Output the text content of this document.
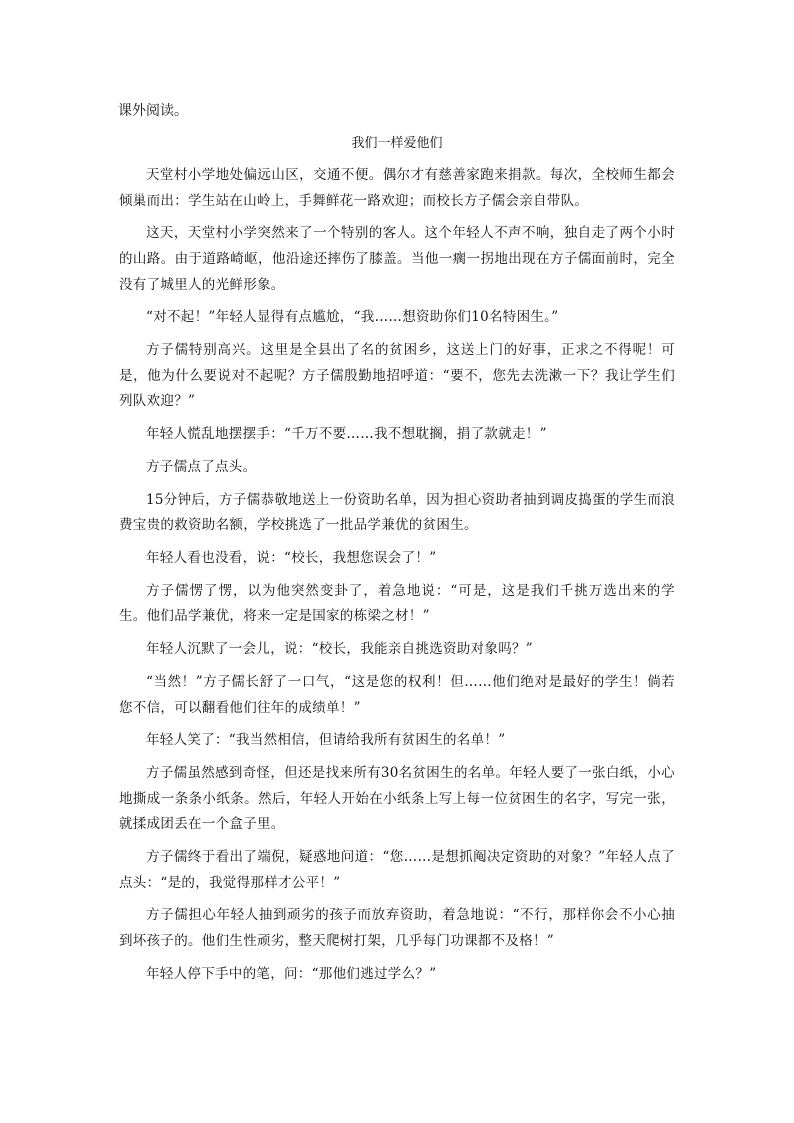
课外阅读。
我们一样爱他们

天堂村小学地处偏远山区，交通不便。偶尔才有慈善家跑来捐款。每次，全校师生都会倾巢而出：学生站在山岭上，手舞鲜花一路欢迎；而校长方子儒会亲自带队。

这天，天堂村小学突然来了一个特别的客人。这个年轻人不声不响，独自走了两个小时的山路。由于道路崎岖，他沿途还摔伤了膝盖。当他一瘸一拐地出现在方子儒面前时，完全没有了城里人的光鲜形象。

“对不起！”年轻人显得有点尴尬，“我……想资助你们10名特困生。”

方子儒特别高兴。这里是全县出了名的贫困乡，这送上门的好事，正求之不得呢！可是，他为什么要说对不起呢？方子儒殷勤地招呼道：“要不，您先去洗漱一下？我让学生们列队欢迎？”

年轻人慌乱地摆摆手：“千万不要……我不想耽搁，捐了款就走！”

方子儒点了点头。

15分钟后，方子儒恭敬地送上一份资助名单，因为担心资助者抽到调皮捣蛋的学生而浪费宝贵的救资助名额，学校挑选了一批品学兼优的贫困生。

年轻人看也没看，说：“校长，我想您误会了！”

方子儒愣了愣，以为他突然变卦了，着急地说：“可是，这是我们千挑万选出来的学生。他们品学兼优，将来一定是国家的栋梁之材！”

年轻人沉默了一会儿，说：“校长，我能亲自挑选资助对象吗？”

“当然！”方子儒长舒了一口气，“这是您的权利！但……他们绝对是最好的学生！倘若您不信，可以翻看他们往年的成绩单！”

年轻人笑了：“我当然相信，但请给我所有贫困生的名单！”

方子儒虽然感到奇怪，但还是找来所有30名贫困生的名单。年轻人要了一张白纸，小心地撕成一条条小纸条。然后，年轻人开始在小纸条上写上每一位贫困生的名字，写完一张，就揉成团丢在一个盒子里。

方子儒终于看出了端倪，疑惑地问道：“您……是想抓阄决定资助的对象？”年轻人点了点头：“是的，我觉得那样才公平！”

方子儒担心年轻人抽到顽劣的孩子而放弃资助，着急地说：“不行，那样你会不小心抽到坏孩子的。他们生性顽劣，整天爬树打架，几乎每门功课都不及格！”

年轻人停下手中的笔，问：“那他们逃过学么？”
